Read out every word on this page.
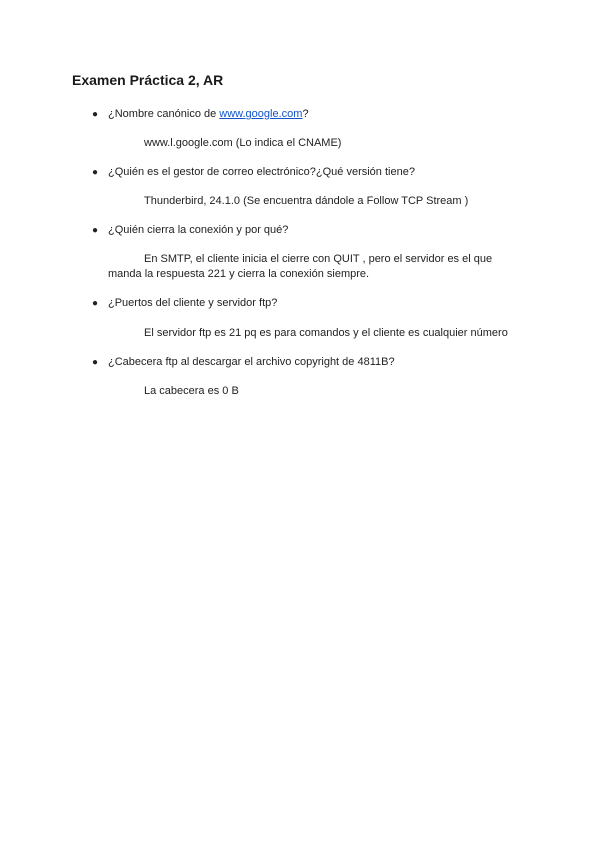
Examen Práctica 2, AR
● ¿Nombre canónico de www.google.com?
www.l.google.com (Lo indica el CNAME)
● ¿Quién es el gestor de correo electrónico?¿Qué versión tiene?
Thunderbird, 24.1.0 (Se encuentra dándole a Follow TCP Stream )
● ¿Quién cierra la conexión y por qué?
En SMTP, el cliente inicia el cierre con QUIT , pero el servidor es el que
manda la respuesta 221 y cierra la conexión siempre.
● ¿Puertos del cliente y servidor ftp?
El servidor ftp es 21 pq es para comandos y el cliente es cualquier número
● ¿Cabecera ftp al descargar el archivo copyright de 4811B?
La cabecera es 0 B
